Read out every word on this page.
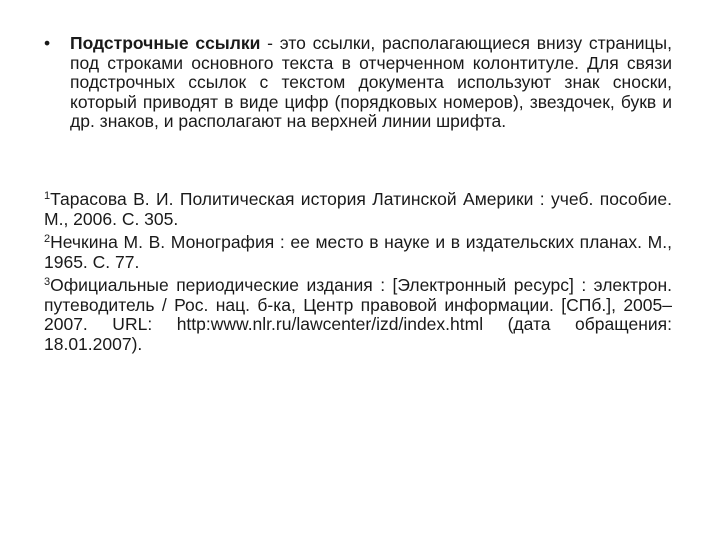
• Подстрочные ссылки - это ссылки, располагающиеся внизу страницы, под строками основного текста в отчерченном колонтитуле. Для связи подстрочных ссылок с текстом документа используют знак сноски, который приводят в виде цифр (порядковых номеров), звездочек, букв и др. знаков, и располагают на верхней линии шрифта.
$^1$Тарасова В. И. Политическая история Латинской Америки : учеб. пособие. М., 2006. С. 305.
$^2$Нечкина М. В. Монография : ее место в науке и в издательских планах. М., 1965. С. 77.
$^3$Официальные периодические издания : [Электронный ресурс] : электрон. путеводитель / Рос. нац. б-ка, Центр правовой информации. [СПб.], 2005–2007. URL: http:www.nlr.ru/lawcenter/izd/index.html (дата обращения: 18.01.2007).
